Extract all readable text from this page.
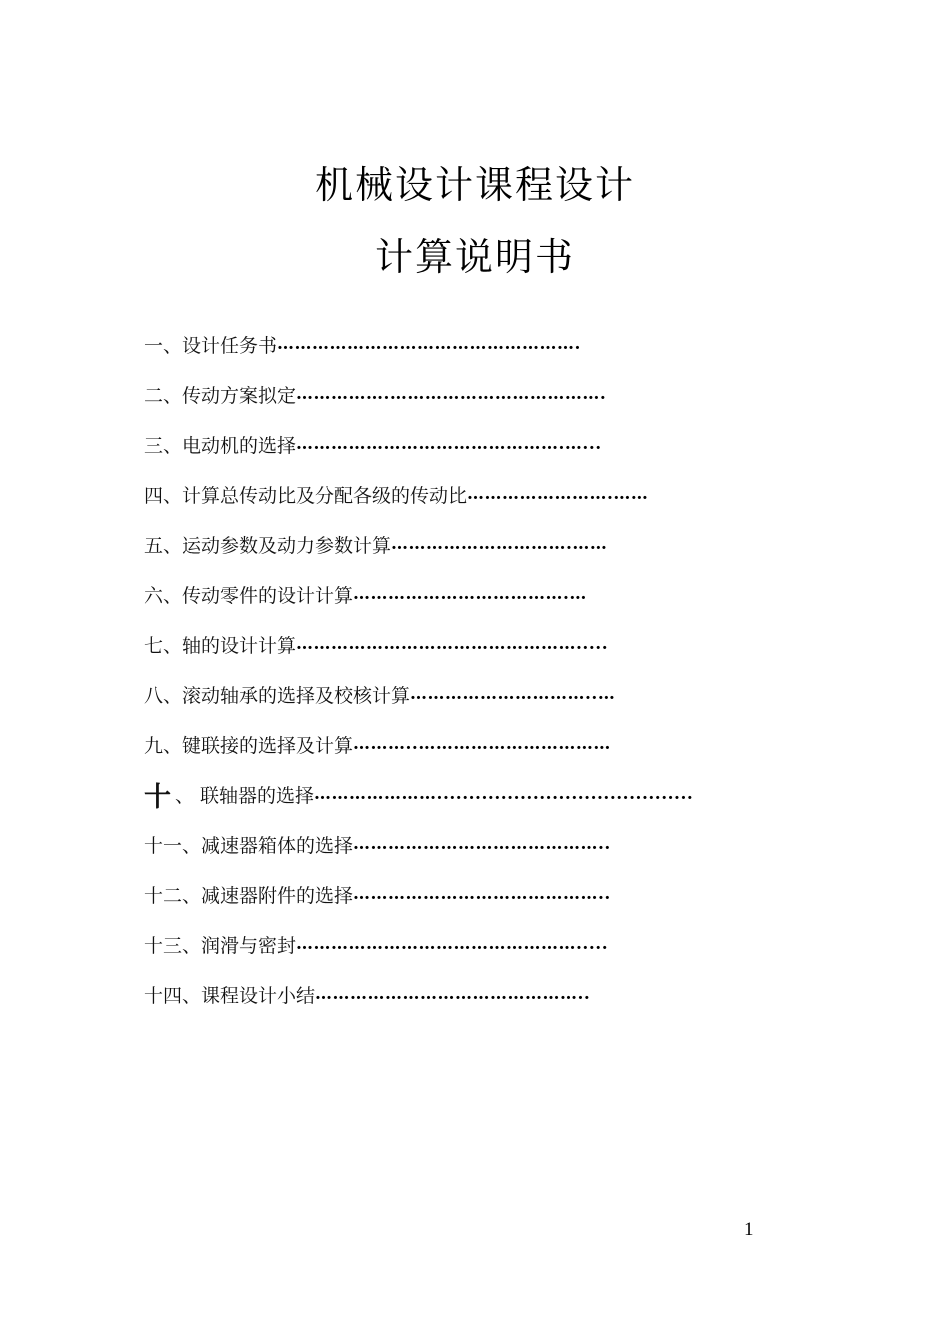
机械设计课程设计
计算说明书
一、设计任务书 …………………………………………….
二、传动方案拟定 …………….……………………………….
三、电动机的选择 ……………………………………….…...
四、计算总传动比及分配各级的传动比 …………………….……
五、运动参数及动力参数计算 ………………………….……
六、传动零件的设计计算 ……………………………….…
七、轴的设计计算 ………………………………………….....
八、滚动轴承的选择及校核计算 …………………………..…
九、键联接的选择及计算 ………..……………………………
十 、 联轴器的选择 …………………........................................
十一、减速器箱体的选择 ……………………………………..
十二、减速器附件的选择 ……………………………………..
十三、润滑与密封 ………………………………………….....
十四、课程设计小结 ………………………………………..
1
